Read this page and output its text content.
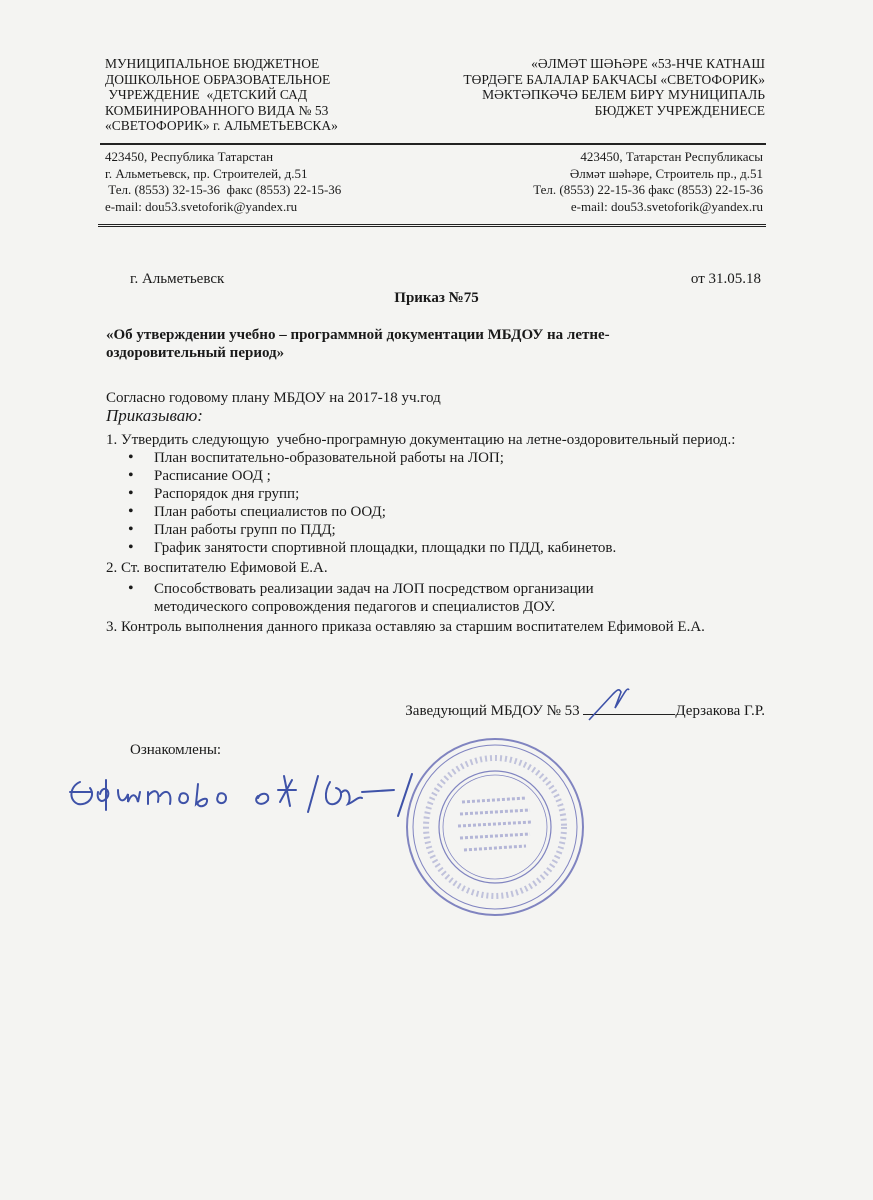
МУНИЦИПАЛЬНОЕ БЮДЖЕТНОЕ
ДОШКОЛЬНОЕ ОБРАЗОВАТЕЛЬНОЕ
УЧРЕЖДЕНИЕ  «ДЕТСКИЙ САД
КОМБИНИРОВАННОГО ВИДА № 53
«СВЕТОФОРИК» г. АЛЬМЕТЬЕВСКА»
«ӘЛМӘТ ШӘҺӘРЕ «53-НЧЕ КАТНАШ
ТӨРДӘГЕ БАЛАЛАР БАКЧАСЫ «СВЕТОФОРИК»
МӘКТӘПКӘЧӘ БЕЛЕМ БИРҮ МУНИЦИПАЛЬ
БЮДЖЕТ УЧРЕЖДЕНИЕСЕ
423450, Республика Татарстан
г. Альметьевск, пр. Строителей, д.51
Тел. (8553) 32-15-36  факс (8553) 22-15-36
e-mail: dou53.svetoforik@yandex.ru
423450, Татарстан Республикасы
Әлмәт шәһәре, Строитель пр., д.51
Тел. (8553) 22-15-36 факс (8553) 22-15-36
e-mail: dou53.svetoforik@yandex.ru
г. Альметьевск	от 31.05.18
Приказ №75
«Об утверждении учебно – программной документации МБДОУ на летне-оздоровительный период»
Согласно годовому плану МБДОУ на 2017-18 уч.год
Приказываю:
1. Утвердить следующую  учебно-програмную документацию на летне-оздоровительный период.:
• План воспитательно-образовательной работы на ЛОП;
• Расписание ООД ;
• Распорядок дня групп;
• План работы специалистов по ООД;
• План работы групп по ПДД;
• График занятости спортивной площадки, площадки по ПДД, кабинетов.
2. Ст. воспитателю Ефимовой Е.А.
• Способствовать реализации задач на ЛОП посредством организации методического сопровождения педагогов и специалистов ДОУ.
3. Контроль выполнения данного приказа оставляю за старшим воспитателем Ефимовой Е.А.
Заведующий МБДОУ № 53	Дерзакова Г.Р.
Ознакомлены:
